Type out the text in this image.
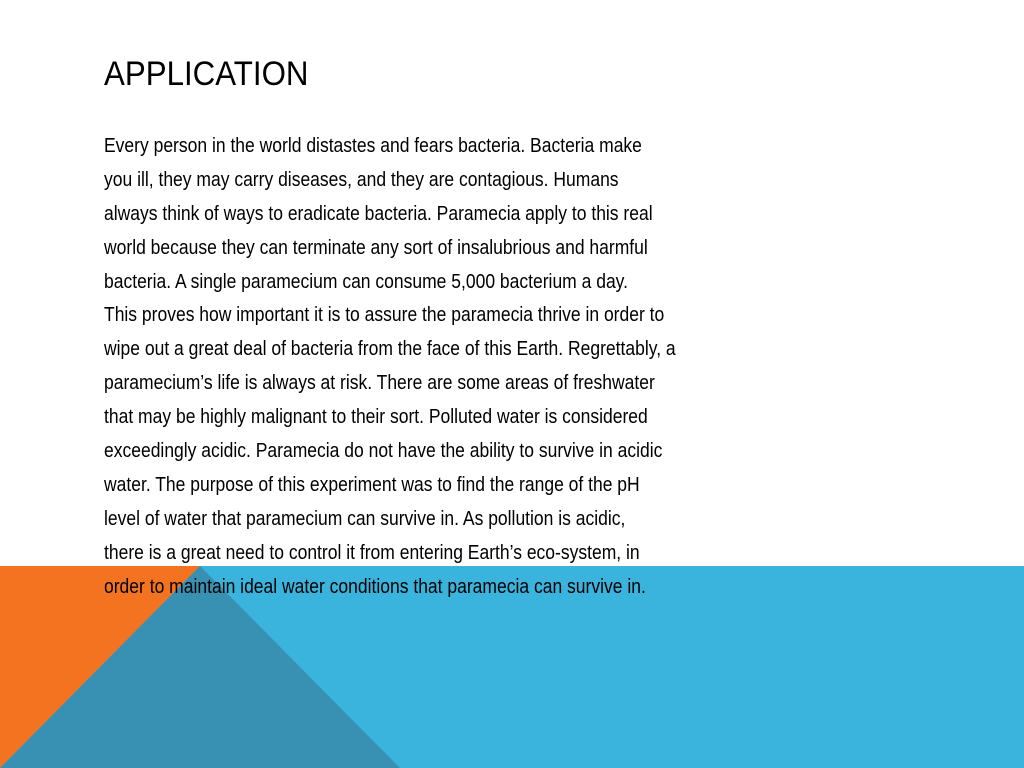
APPLICATION
Every person in the world distastes and fears bacteria. Bacteria make
you ill, they may carry diseases, and they are contagious. Humans
always think of ways to eradicate bacteria. Paramecia apply to this real
world because they can terminate any sort of insalubrious and harmful
bacteria. A single paramecium can consume 5,000 bacterium a day.
This proves how important it is to assure the paramecia thrive in order to
wipe out a great deal of bacteria from the face of this Earth. Regrettably, a
paramecium’s life is always at risk. There are some areas of freshwater
that may be highly malignant to their sort. Polluted water is considered
exceedingly acidic. Paramecia do not have the ability to survive in acidic
water. The purpose of this experiment was to find the range of the pH
level of water that paramecium can survive in. As pollution is acidic,
there is a great need to control it from entering Earth’s eco-system, in
order to maintain ideal water conditions that paramecia can survive in.
